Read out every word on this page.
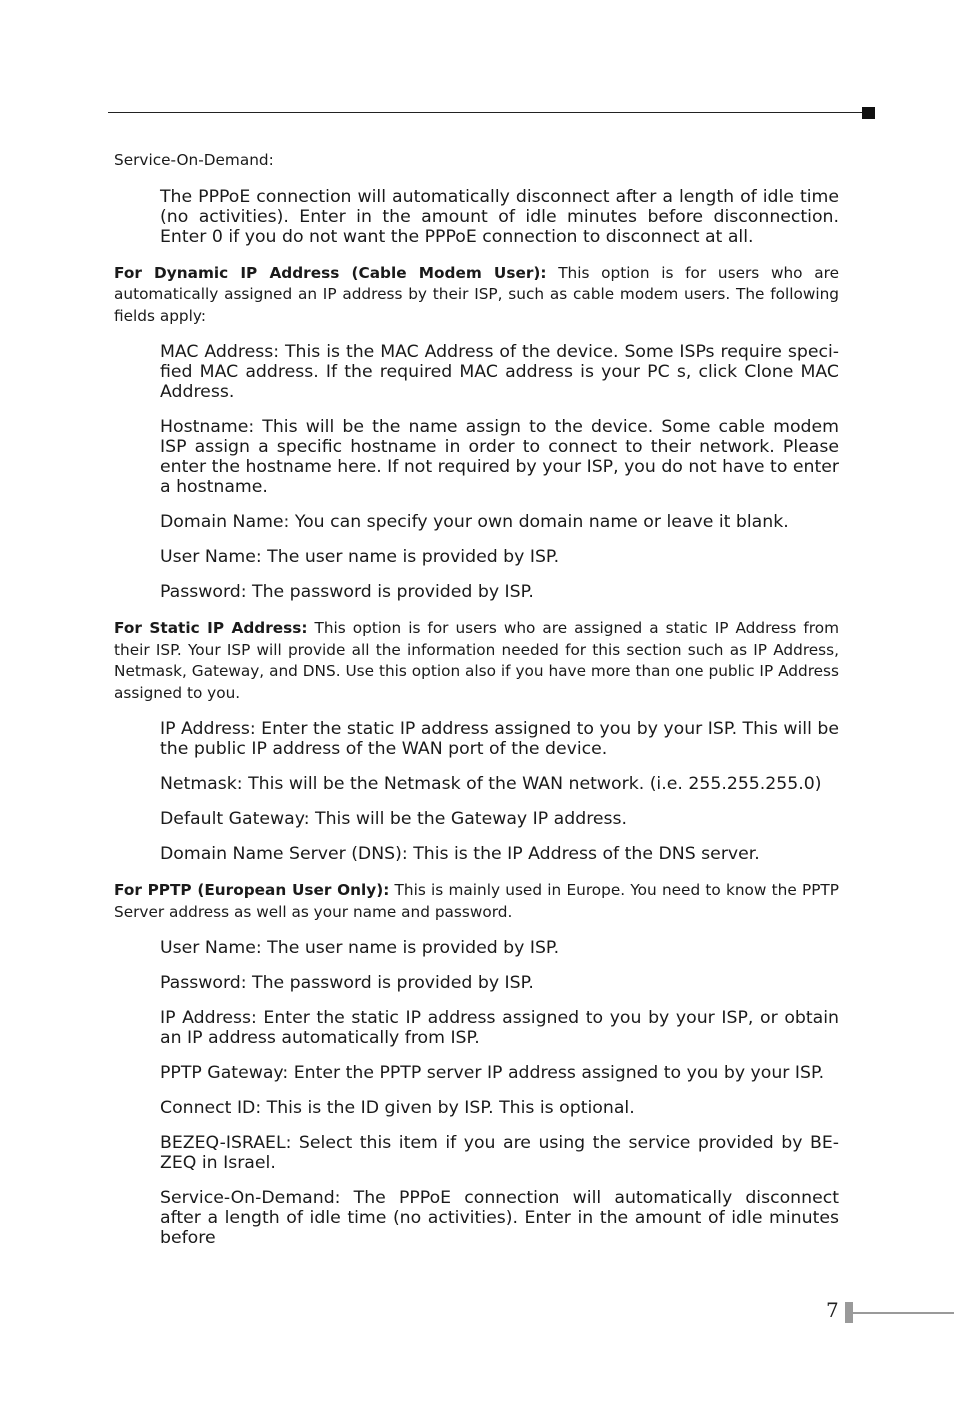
Service-On-Demand:

The PPPoE connection will automatically disconnect after a length of idle time (no activities). Enter in the amount of idle minutes before disconnection. Enter 0 if you do not want the PPPoE connection to disconnect at all.

For Dynamic IP Address (Cable Modem User): This option is for users who are automatically assigned an IP address by their ISP, such as cable modem users. The following fields apply:

MAC Address: This is the MAC Address of the device. Some ISPs require speci-fied MAC address. If the required MAC address is your PC s, click Clone MAC Address.

Hostname: This will be the name assign to the device. Some cable modem ISP assign a specific hostname in order to connect to their network. Please enter the hostname here. If not required by your ISP, you do not have to enter a hostname.

Domain Name: You can specify your own domain name or leave it blank.

User Name: The user name is provided by ISP.

Password: The password is provided by ISP.

For Static IP Address: This option is for users who are assigned a static IP Address from their ISP. Your ISP will provide all the information needed for this section such as IP Address, Netmask, Gateway, and DNS. Use this option also if you have more than one public IP Address assigned to you.

IP Address: Enter the static IP address assigned to you by your ISP. This will be the public IP address of the WAN port of the device.

Netmask: This will be the Netmask of the WAN network. (i.e. 255.255.255.0)

Default Gateway: This will be the Gateway IP address.

Domain Name Server (DNS): This is the IP Address of the DNS server.

For PPTP (European User Only): This is mainly used in Europe. You need to know the PPTP Server address as well as your name and password.

User Name: The user name is provided by ISP.

Password: The password is provided by ISP.

IP Address: Enter the static IP address assigned to you by your ISP, or obtain an IP address automatically from ISP.

PPTP Gateway: Enter the PPTP server IP address assigned to you by your ISP.

Connect ID: This is the ID given by ISP. This is optional.

BEZEQ-ISRAEL: Select this item if you are using the service provided by BE-ZEQ in Israel.

Service-On-Demand: The PPPoE connection will automatically disconnect after a length of idle time (no activities). Enter in the amount of idle minutes before

7
